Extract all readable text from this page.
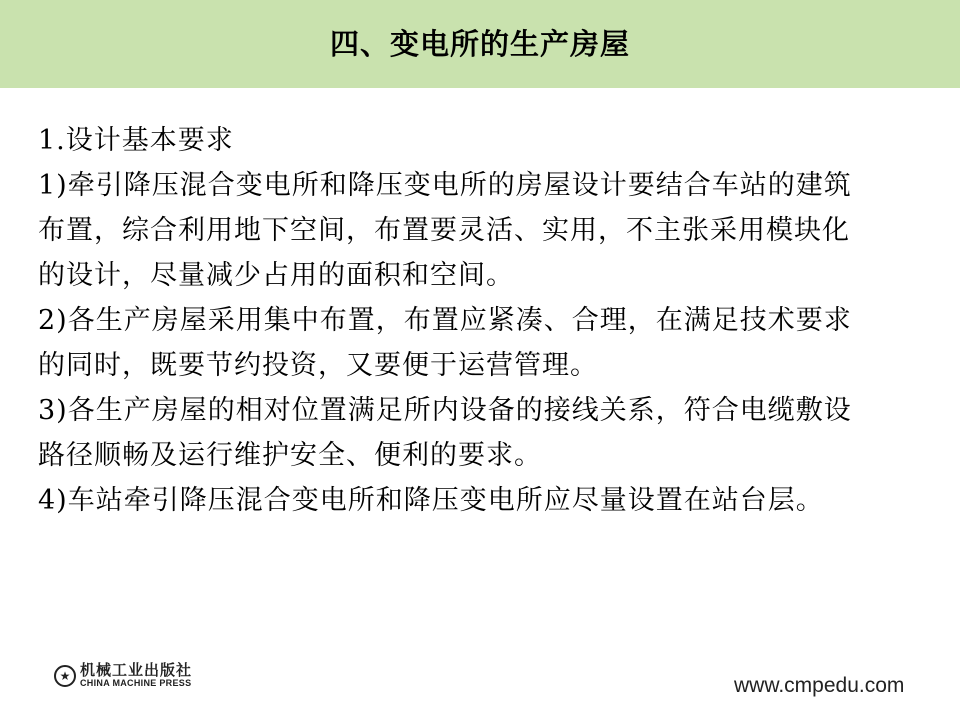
四、变电所的生产房屋
1.设计基本要求
1)牵引降压混合变电所和降压变电所的房屋设计要结合车站的建筑
布置，综合利用地下空间，布置要灵活、实用，不主张采用模块化
的设计，尽量减少占用的面积和空间。
2)各生产房屋采用集中布置，布置应紧凑、合理，在满足技术要求
的同时，既要节约投资，又要便于运营管理。
3)各生产房屋的相对位置满足所内设备的接线关系，符合电缆敷设
路径顺畅及运行维护安全、便利的要求。
4)车站牵引降压混合变电所和降压变电所应尽量设置在站台层。
★ 机械工业出版社
CHINA MACHINE PRESS	www.cmpedu.com
